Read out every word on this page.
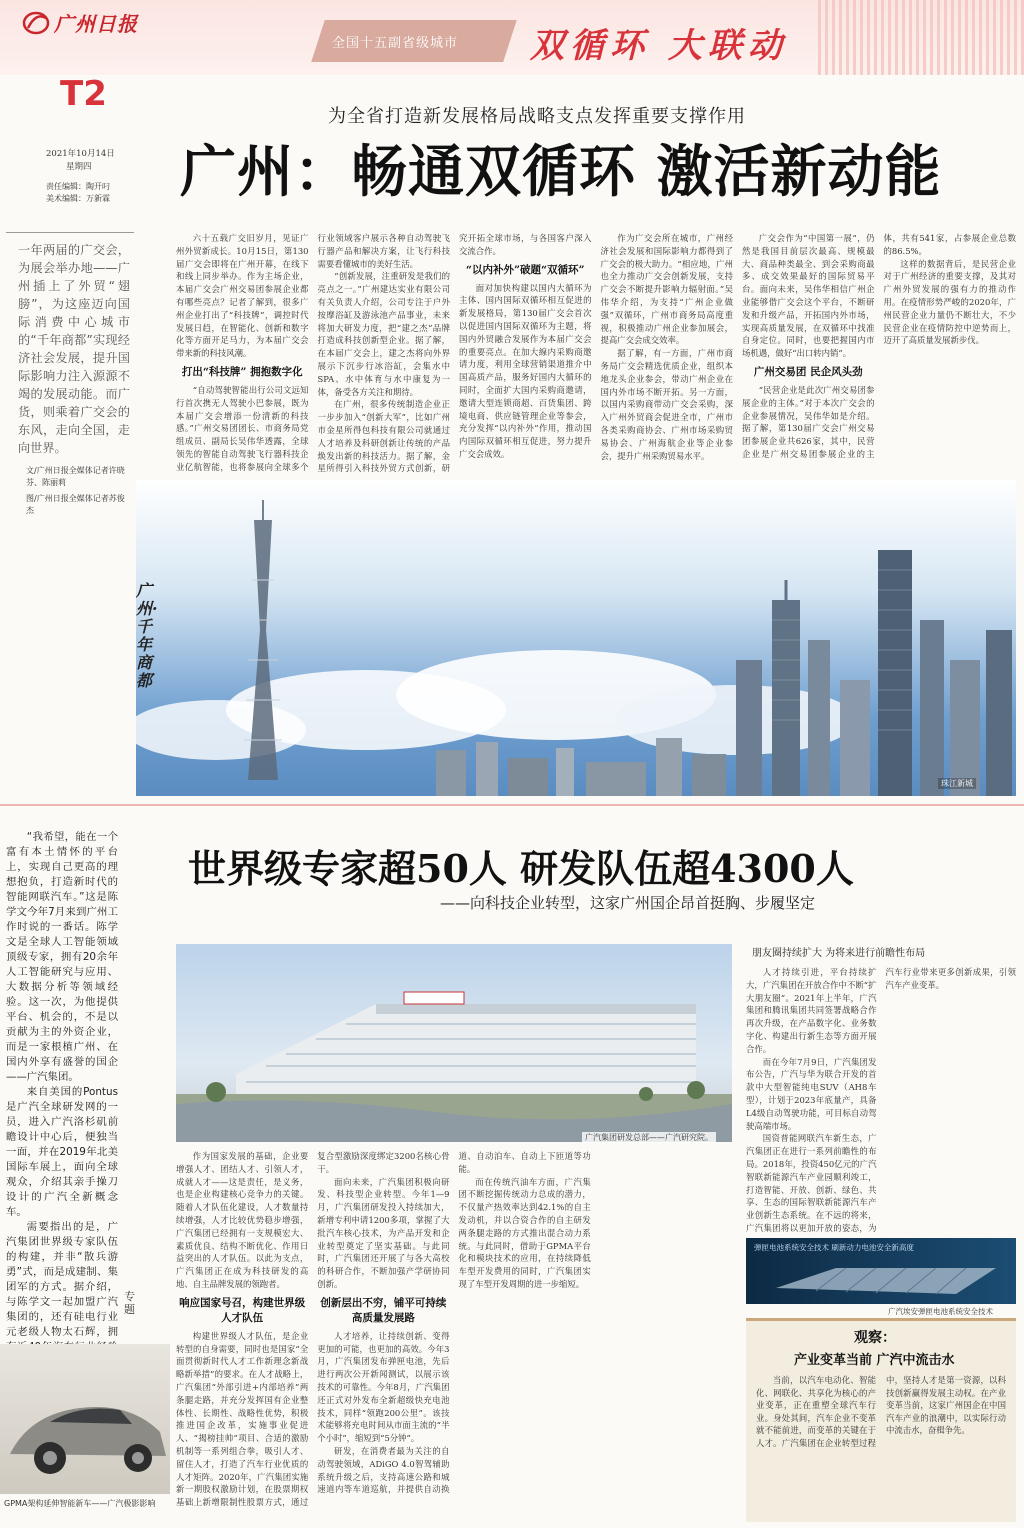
广州日报
全国十五副省级城市 双循环 大联动
T2
2021年10月14日
星期四
责任编辑：陶开叼
美术编辑：万新霖
为全省打造新发展格局战略支点发挥重要支撑作用
广州：畅通双循环 激活新动能
一年两届的广交会，为展会举办地——广州插上了外贸“翅膀”，为这座迈向国际消费中心城市的“千年商都”实现经济社会发展，提升国际影响力注入源源不竭的发展动能。而广货，则乘着广交会的东风，走向全国，走向世界。
文/广州日报全媒体记者许晓芬、陈丽莉
图/广州日报全媒体记者苏俊杰

六十五载广交旧岁月，见证广州外贸新成长。10月15日，第130届广交会即将在广州开幕，在线下和线上同步举办。作为主场企业，本届广交会广州交易团参展企业都有哪些亮点？记者了解到，很多广州企业打出了“科技牌”，调控时代发展日趋，在智能化、创新和数字化等方面开足马力，为本届广交会带来新的科技风潮。

打出“科技牌” 拥抱数字化

“自动驾驶智能出行公司文远知行首次携无人驾驶小巴参展，既为本届广交会增添一份清新的科技感。”广州交易团团长、市商务局党组成员、副局长吴伟华透露，全球领先的智能自动驾驶飞行器科技企业亿航智能，也将参展向全球多个行业领域客户展示各种自动驾驶飞行器产品和解决方案，让飞行科技需要看懂城市的美好生活。

“创新发展，注重研发是我们的亮点之一。”广州建达实业有限公司有关负责人介绍，公司专注于户外按摩浴缸及游泳池产品事业，未来将加大研发力度，把“建之杰”品牌打造成科技创新型企业。据了解，在本届广交会上，建之杰将向外界展示下沉步行冰浴缸，会集水中SPA、水中体育与水中康复为一体，备受各方关注和期待。

在广州，很多传统制造企业正一步步加入“创新大军”，比如广州市金星所得包科技有限公司就通过人才培养及科研创新让传统的产品焕发出新的科技活力。据了解，金星所得引入科技外贸方式创新，研究开拓全球市场，与各国客户深入交流合作。

“以内补外”破题“双循环”

面对加快构建以国内大循环为主体、国内国际双循环相互促进的新发展格局，第130届广交会首次以促进国内国际双循环为主题，将国内外贸融合发展作为本届广交会的重要亮点。在加大線内采购商邀请力度，利用全球营销渠道推介中国高质产品，服务好国内大循环的同时，全面扩大国内采购商邀请，邀请大型连锁商超、百货集团、跨境电商、供应链管理企业等参会，充分发挥“以内补外”作用，推动国内国际双循环相互促进，努力提升广交会成效。

作为广交会所在城市，广州经济社会发展和国际影响力都得到了广交会的极大助力。“相应地，广州也全力推动广交会创新发展，支持广交会不断提升影响力辐射面。”吴伟华介绍，为支持“广州企业做强”双循环，广州市商务局高度重视，积极推动广州企业参加展会，提高广交会成交效率。

据了解，有一方面，广州市商务局广交会精选优质企业，组织本地龙头企业参会，带动广州企业在国内外市场不断开拓。另一方面，以国内采购商带动广交会采购，深入广州外贸商会促进全市，广州市各类采购商协会、广州市场采购贸易协会、广州海航企业等企业参会，提升广州采购贸易水平。

广交会作为“中国第一展”，仍然是我国目前层次最高、规模最大、商品种类最全、到会采购商最多、成交效果最好的国际贸易平台。面向未来，吴伟华相信广州企业能够借广交会这个平台，不断研发和升级产品，开拓国内外市场，实现高质量发展，在双循环中找准自身定位。同时，也要把握国内市场机遇，做好“出口转内销”。

广州交易团 民企风头劲

“民营企业是此次广州交易团参展企业的主体。”对于本次广交会的企业参展情况，吴伟华如是介绍。据了解，第130届广交会广州交易团参展企业共626家，其中，民营企业是广州交易团参展企业的主体，共有541家，占参展企业总数的86.5%。

这样的数据背后，是民营企业对于广州经济的重要支撑，及其对广州外贸发展的强有力的推动作用。在疫情形势严峻的2020年，广州民营企业力量仍不断壮大，不少民营企业在疫情防控中逆势而上，迈开了高质量发展新步伐。

广州·千年商都
珠江新城
“我希望，能在一个富有本土情怀的平台上，实现自己更高的理想抱负，打造新时代的智能网联汽车。”这是陈学文今年7月来到广州工作时说的一番话。陈学文是全球人工智能领域顶级专家，拥有20余年人工智能研究与应用、大数据分析等领域经验。这一次，为他提供平台、机会的，不是以贡献为主的外资企业，而是一家根植广州、在国内外享有盛誉的国企——广汽集团。
来自美国的Pontus是广汽全球研发网的一员，进入广汽洛杉矶前瞻设计中心后，便独当一面，并在2019年北美国际车展上，面向全球观众，介绍其亲手操刀设计的广汽全新概念车。
需要指出的是，广汽集团世界级专家队伍的构建，并非“散兵游勇”式，而是成建制、集团军的方式。据介绍，与陈学文一起加盟广汽集团的，还有硅电行业元老级人物太石辉，拥
专题
世界级专家超50人 研发队伍超4300人
——向科技企业转型，这家广州国企昂首挺胸、步履坚定
广汽集团研发总部——广汽研究院。
朋友圈持续扩大 为将来进行前瞻性布局

作为国家发展的基础，企业要增强人才、团结人才、引领人才，成就人才——这是责任，是义务，也是企业构建核心竞争力的关键。随着人才队伍化建设，人才数量持续增强，人才比较优势稳步增强，广汽集团已经拥有一支规模宏大、素质优良、结构不断优化、作用日益突出的人才队伍。以此为支点，广汽集团正在成为科技研发的高地、自主品牌发展的领跑者。

响应国家号召，构建世界级人才队伍

构建世界级人才队伍，是企业转型的自身需要，同时也是国家“全面贯彻新时代人才工作新理念新战略新举措”的要求。在人才战略上，广汽集团“外部引进+内部培养”两条腿走路，并充分发挥国有企业整体性、长期性、战略性优势，积极推进国企改革，实施事业促进人、“揭榜挂帅”项目、合适的激励机制等一系列组合拳，吸引人才、留住人才，打造了汽车行业优质的人才矩阵。2020年，广汽集团实施新一期股权激励计划，在股票期权基础上新增限制性股票方式，通过复合型激励深度绑定3200名核心骨干。

面向未来，广汽集团积极向研发、科技型企业转型。今年1—9月，广汽集团研发投入持续加大，新增专利申请1200多项，掌握了大批汽车核心技术，为产品开发和企业转型奠定了坚实基础。与此同时，广汽集团还开展了与各大高校的科研合作，不断加强产学研协同创新。

创新层出不穷，铺平可持续高质量发展路

人才培养，让持续创新、变得更加的可能，也更加的高效。今年3月，广汽集团发布弹匣电池，先后进行两次公开新闻测试，以展示该技术的可靠性。今年8月，广汽集团还正式对外发布全新超级快充电池技术，同样“领跑200公里”。该技术能够将充电时间从市面主流的“半个小时”，缩短到“5分钟”。

研发，在消费者最为关注的自动驾驶领域，ADiGO 4.0智驾辅助系统升级之后，支持高速公路和城速道内等车道巡航，并提供自动换道、自动泊车、自动上下匝道等功能。

而在传统汽油车方面，广汽集团不断挖掘传统动力总成的潜力，不仅量产热效率达到42.1%的自主发动机，并以合资合作的自主研发两条腿走路的方式推出混合动力系统。与此同时，借助于GPMA平台化和模块技术的应用，在持续降低车型开发费用的同时，广汽集团实现了车型开发周期的进一步缩短。

人才持续引进，平台持续扩大，广汽集团在开放合作中不断“扩大朋友圈”。2021年上半年，广汽集团和腾讯集团共同签署战略合作再次升级，在产品数字化、业务数字化、构建出行新生态等方面开展合作。

而在今年7月9日，广汽集团发布公告，广汽与华为联合开发的首款中大型智能纯电SUV（AH8车型），计划于2023年底量产，具备L4级自动驾驶功能，可目标自动驾驶高端市场。

国资普能网联汽车新生态，广汽集团正在进行一系列前瞻性的布局。2018年，投资450亿元的广汽智联新能源汽车产业园顺利竣工，打造智能、开放、创新、绿色、共享、生态的国际智联新能源汽车产业创新生态系统。在不远的将来，广汽集团将以更加开放的姿态，为汽车行业带来更多创新成果，引领汽车产业变革。

弹匣电池系统安全技术 刷新动力电池安全新高度
广汽埃安弹匣电池系统安全技术
观察：
产业变革当前 广汽中流击水
当前，以汽车电动化、智能化、网联化、共享化为核心的产业变革，正在重塑全球汽车行业。身处其间，汽车企业不变革就不能前进，而变革的关键在于人才。广汽集团在企业转型过程中，坚持人才是第一资源，以科技创新赢得发展主动权。在产业变革当前，这家广州国企在中国汽车产业的浪潮中，以实际行动中流击水，奋楫争先。
GPMA架构延伸智能新车——广汽极影影响
